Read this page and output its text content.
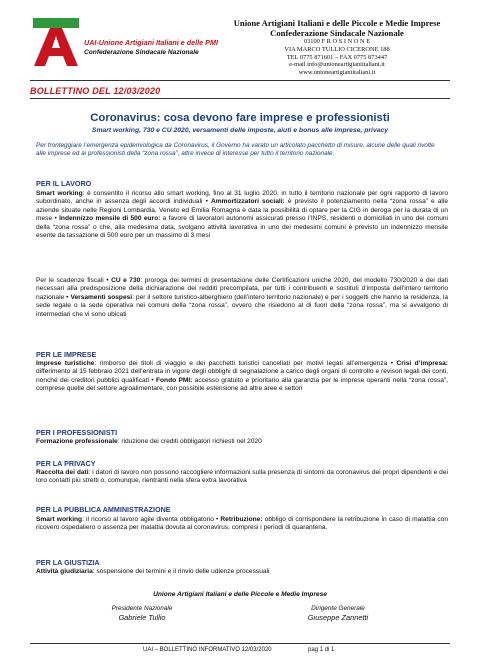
UAI-Unione Artigiani Italiani e delle PMI
Confederazione Sindacale Nazionale
Unione Artigiani Italiani e delle Piccole e Medie Imprese
Confederazione Sindacale Nazionale
03100 F R O S I N O N E
VIA MARCO TULLIO CICERONE 188
TEL 0775 871601 – FAX 0775 873447
e-mail info@unioneartigianiitaliani.it
www.unioneartigianiitaliani.it
BOLLETTINO DEL 12/03/2020
Coronavirus: cosa devono fare imprese e professionisti
Smart working, 730 e CU 2020, versamenti delle imposte, aiuti e bonus alle imprese, privacy
Per fronteggiare l’emergenza epidemiologica da Coronavirus, il Governo ha varato un articolato pacchetto di misure, alcune delle quali rivolte alle imprese ed ai professionisti della “zona rossa”, altre invece di interesse per tutto il territorio nazionale.
PER IL LAVORO
Smart working: è consentito il ricorso allo smart working, fino al 31 luglio 2020, in tutto il territorio nazionale per ogni rapporto di lavoro subordinato, anche in assenza degli accordi individuali • Ammortizzatori sociali: è previsto il potenziamento nella “zona rossa” e alle aziende situate nelle Regioni Lombardia, Veneto ed Emilia Romagna è data la possibilità di optare per la CIG in deroga per la durata di un mese • Indennizzo mensile di 500 euro: a favore di lavoratori autonomi assicurati presso l’INPS, residenti o domiciliati in uno dei comuni della “zona rossa” o che, alla medesima data, svolgano attività lavorativa in uno dei medesimi comuni è previsto un indennizzo mensile esente da tassazione di 500 euro per un massimo di 3 mesi
Per le scadenze fiscali • CU e 730: proroga dei termini di presentazione delle Certificazioni uniche 2020, del modello 730/2020 e dei dati necessari alla predisposizione della dichiarazione dei redditi precompilata, per tutti i contribuenti e sostituti d’imposta dell’intero territorio nazionale • Versamenti sospesi: per il settore turistico-alberghiero (dell’intero territorio nazionale) e per i soggetti che hanno la residenza, la sede legale o la sede operativa nei comuni della “zona rossa”, ovvero che risiedono al di fuori della “zona rossa”, ma si avvalgono di intermediari che vi sono ubicati
PER LE IMPRESE
Imprese turistiche: rimborso dei titoli di viaggio e dei pacchetti turistici cancellati per motivi legati all’emergenza • Crisi d’impresa: differimento al 15 febbraio 2021 dell’entrata in vigore degli obblighi di segnalazione a carico degli organi di controllo e revisori legali dei conti, nonché dei creditori pubblici qualificati • Fondo PMI: accesso gratuito e prioritario alla garanzia per le imprese operanti nella “zona rossa”, comprese quelle del settore agroalimentare, con possibile estensione ad altre aree e settori
PER I PROFESSIONISTI
Formazione professionale: riduzione dei crediti obbligatori richiesti nel 2020
PER LA PRIVACY
Raccolta dei dati: i datori di lavoro non possono raccogliere informazioni sulla presenza di sintomi da coronavirus dei propri dipendenti e dei loro contatti più stretti o, comunque, rientranti nella sfera extra lavorativa
PER LA PUBBLICA AMMINISTRAZIONE
Smart working: il ricorso al lavoro agile diventa obbligatorio • Retribuzione: obbligo di corrispondere la retribuzione in caso di malattia con ricovero ospedaliero o assenza per malattia dovuta al coronavirus, compresi i periodi di quarantena.
PER LA GIUSTIZIA
Attività giudiziaria: sospensione dei termini e il rinvio delle udienze processuali
Unione Artigiani Italiani e delle Piccole e Medie Imprese
Presidente Nazionale
Gabriele Tullio
Dirigente Generale
Giuseppe Zannetti
UAI – BOLLETTINO INFORMATIVO 12/03/2020	pag 1 di 1
